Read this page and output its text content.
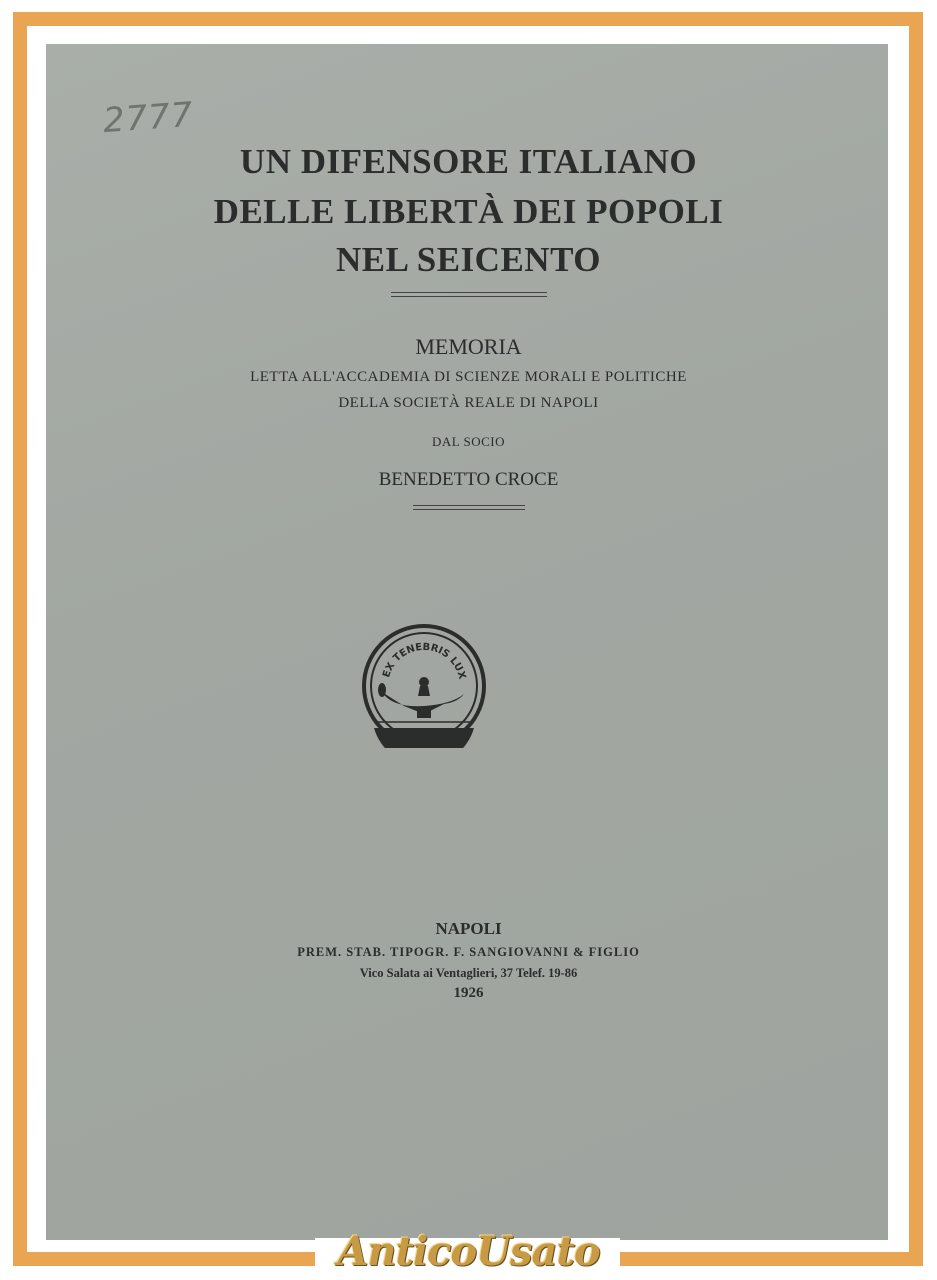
2777
UN DIFENSORE ITALIANO
DELLE LIBERTÀ DEI POPOLI
NEL SEICENTO
MEMORIA
LETTA ALL'ACCADEMIA DI SCIENZE MORALI E POLITICHE
DELLA SOCIETÀ REALE DI NAPOLI
DAL SOCIO
BENEDETTO CROCE
EX TENEBRIS LUX
NAPOLI
PREM. STAB. TIPOGR. F. SANGIOVANNI & FIGLIO
Vico Salata ai Ventaglieri, 37 Telef. 19-86
1926
AnticoUsato
